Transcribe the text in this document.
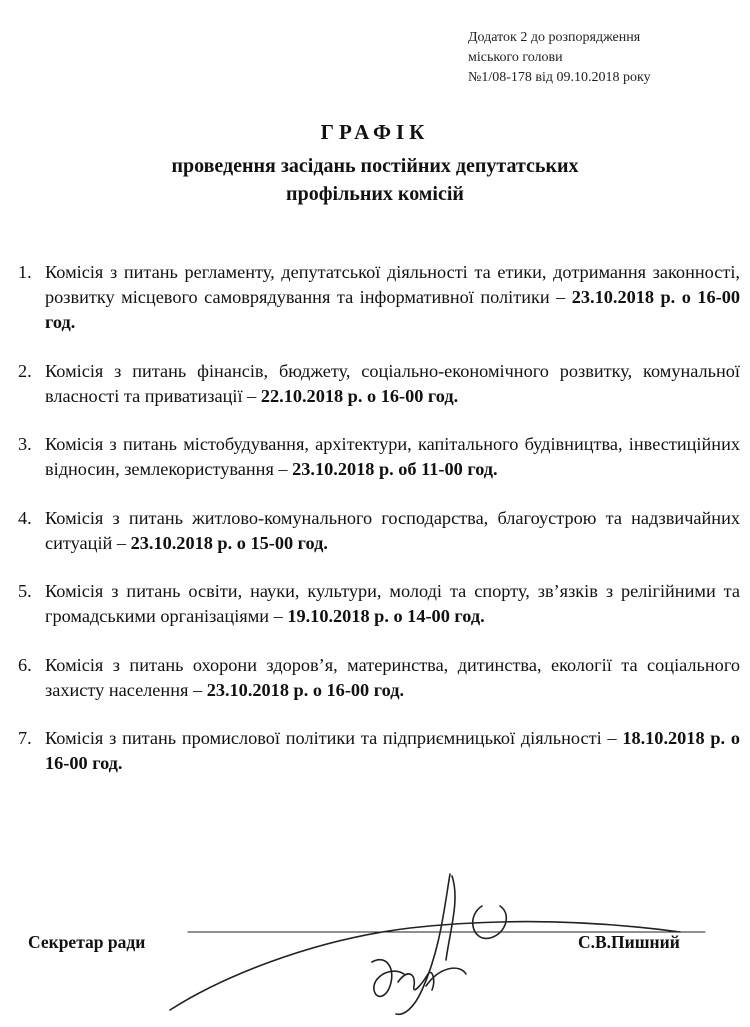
Додаток 2 до розпорядження
міського голови
№1/08-178 від 09.10.2018 року
ГРАФІК
проведення засідань постійних депутатських
профільних комісій
1. Комісія з питань регламенту, депутатської діяльності та етики, дотримання законності, розвитку місцевого самоврядування та інформативної політики – 23.10.2018 р. о 16-00 год.
2. Комісія з питань фінансів, бюджету, соціально-економічного розвитку, комунальної власності та приватизації – 22.10.2018 р. о 16-00 год.
3. Комісія з питань містобудування, архітектури, капітального будівництва, інвестиційних відносин, землекористування – 23.10.2018 р. об 11-00 год.
4. Комісія з питань житлово-комунального господарства, благоустрою та надзвичайних ситуацій – 23.10.2018 р. о 15-00 год.
5. Комісія з питань освіти, науки, культури, молоді та спорту, зв’язків з релігійними та громадськими організаціями – 19.10.2018 р. о 14-00 год.
6. Комісія з питань охорони здоров’я, материнства, дитинства, екології та соціального захисту населення – 23.10.2018 р. о 16-00 год.
7. Комісія з питань промислової політики та підприємницької діяльності – 18.10.2018 р. о 16-00 год.
Секретар ради	С.В.Пишний
